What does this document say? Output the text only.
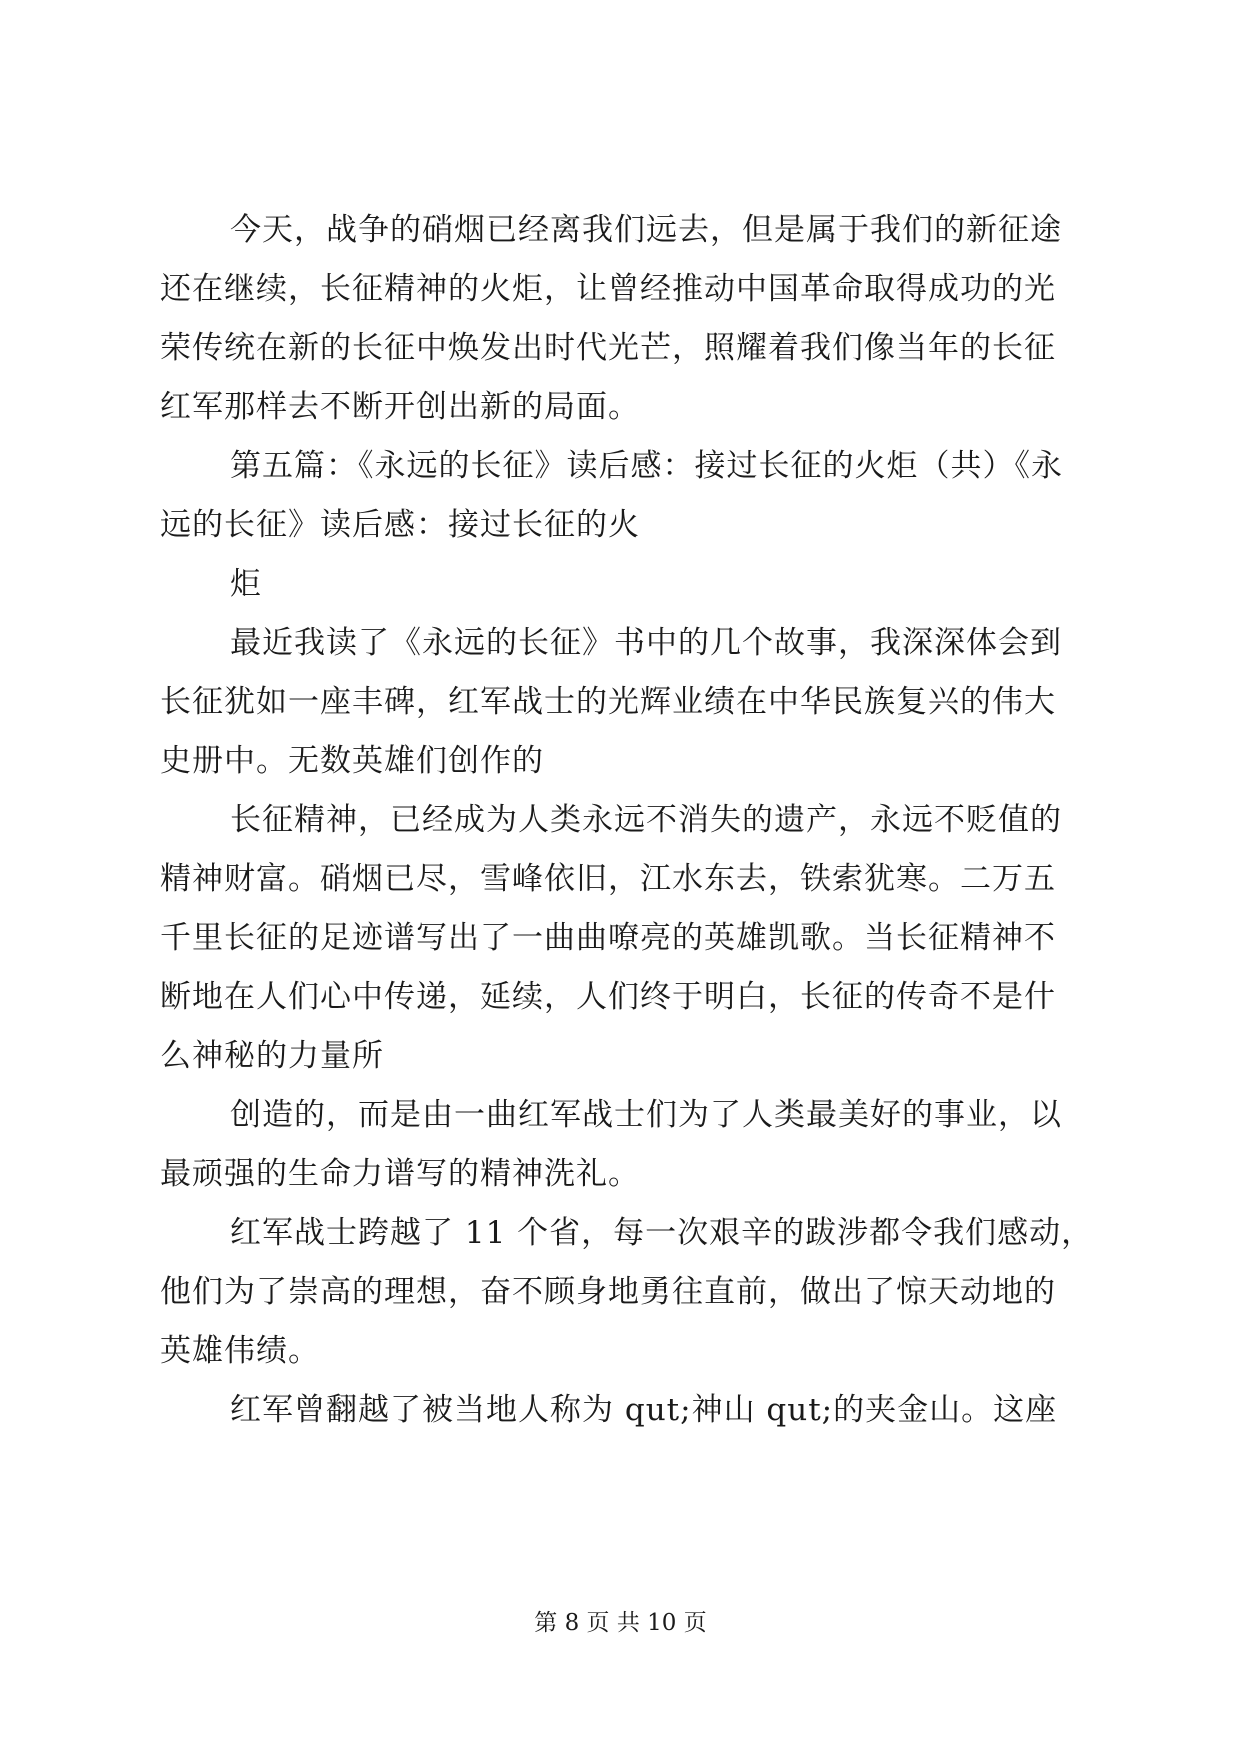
今天，战争的硝烟已经离我们远去，但是属于我们的新征途

还在继续，长征精神的火炬，让曾经推动中国革命取得成功的光

荣传统在新的长征中焕发出时代光芒，照耀着我们像当年的长征

红军那样去不断开创出新的局面。

第五篇：《永远的长征》读后感：接过长征的火炬（共）《永

远的长征》读后感：接过长征的火

炬

最近我读了《永远的长征》书中的几个故事，我深深体会到

长征犹如一座丰碑，红军战士的光辉业绩在中华民族复兴的伟大

史册中。无数英雄们创作的

长征精神，已经成为人类永远不消失的遗产，永远不贬值的

精神财富。硝烟已尽，雪峰依旧，江水东去，铁索犹寒。二万五

千里长征的足迹谱写出了一曲曲嘹亮的英雄凯歌。当长征精神不

断地在人们心中传递，延续，人们终于明白，长征的传奇不是什

么神秘的力量所

创造的，而是由一曲红军战士们为了人类最美好的事业，以

最顽强的生命力谱写的精神洗礼。

红军战士跨越了 11 个省，每一次艰辛的跋涉都令我们感动，

他们为了崇高的理想，奋不顾身地勇往直前，做出了惊天动地的

英雄伟绩。

红军曾翻越了被当地人称为 qut;神山 qut;的夹金山。这座

第 8 页 共 10 页
